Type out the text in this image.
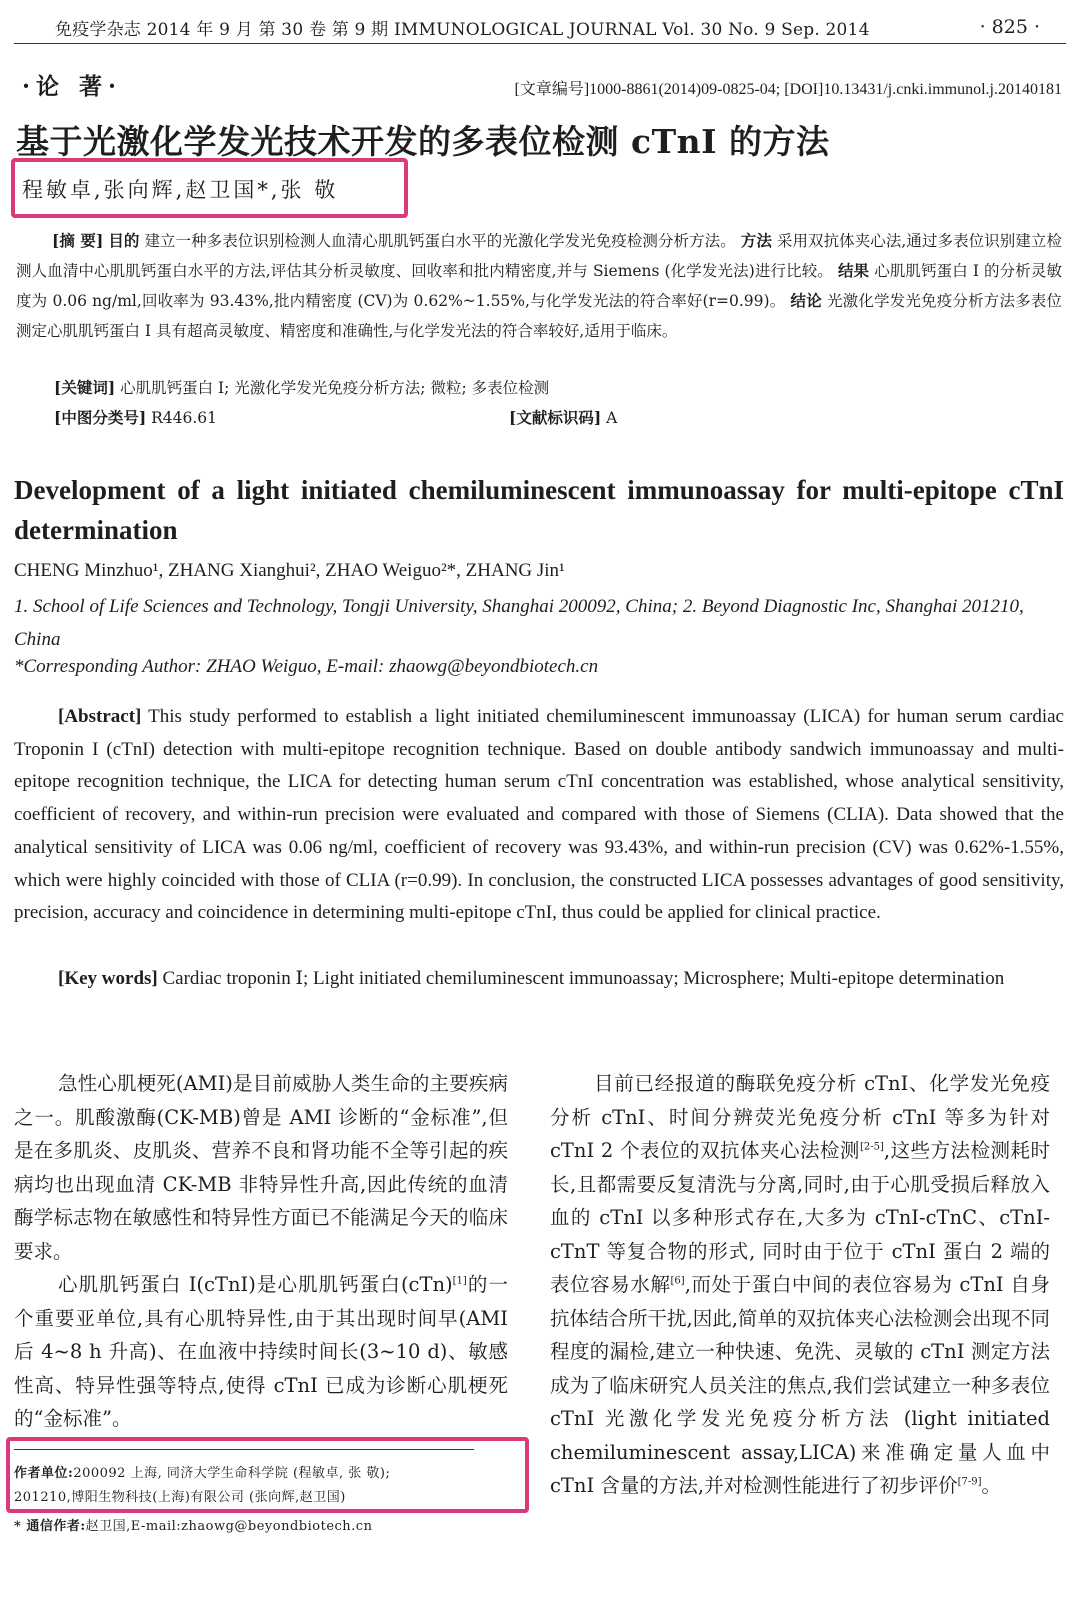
免疫学杂志 2014 年 9 月 第 30 卷 第 9 期 IMMUNOLOGICAL JOURNAL Vol. 30 No. 9 Sep. 2014	· 825 ·
·论 著·	[文章编号]1000-8861(2014)09-0825-04; [DOI]10.13431/j.cnki.immunol.j.20140181
基于光激化学发光技术开发的多表位检测 cTnI 的方法
程敏卓,张向辉,赵卫国*,张 敬
[摘 要] 目的 建立一种多表位识别检测人血清心肌肌钙蛋白水平的光激化学发光免疫检测分析方法。 方法 采用双抗体夹心法,通过多表位识别建立检测人血清中心肌肌钙蛋白水平的方法,评估其分析灵敏度、回收率和批内精密度,并与 Siemens (化学发光法)进行比较。 结果 心肌肌钙蛋白 I 的分析灵敏度为 0.06 ng/ml,回收率为 93.43%,批内精密度 (CV)为 0.62%~1.55%,与化学发光法的符合率好(r=0.99)。 结论 光激化学发光免疫分析方法多表位测定心肌肌钙蛋白 I 具有超高灵敏度、精密度和准确性,与化学发光法的符合率较好,适用于临床。
[关键词] 心肌肌钙蛋白 I; 光激化学发光免疫分析方法; 微粒; 多表位检测
[中图分类号] R446.61	[文献标识码] A
Development of a light initiated chemiluminescent immunoassay for multi-epitope cTnI determination
CHENG Minzhuo¹, ZHANG Xianghui², ZHAO Weiguo²*, ZHANG Jin¹
1. School of Life Sciences and Technology, Tongji University, Shanghai 200092, China; 2. Beyond Diagnostic Inc, Shanghai 201210, China
*Corresponding Author: ZHAO Weiguo, E-mail: zhaowg@beyondbiotech.cn
[Abstract] This study performed to establish a light initiated chemiluminescent immunoassay (LICA) for human serum cardiac Troponin I (cTnI) detection with multi-epitope recognition technique. Based on double antibody sandwich immunoassay and multi-epitope recognition technique, the LICA for detecting human serum cTnI concentration was established, whose analytical sensitivity, coefficient of recovery, and within-run precision were evaluated and compared with those of Siemens (CLIA). Data showed that the analytical sensitivity of LICA was 0.06 ng/ml, coefficient of recovery was 93.43%, and within-run precision (CV) was 0.62%-1.55%, which were highly coincided with those of CLIA (r=0.99). In conclusion, the constructed LICA possesses advantages of good sensitivity, precision, accuracy and coincidence in determining multi-epitope cTnI, thus could be applied for clinical practice.
[Key words] Cardiac troponin Ⅰ; Light initiated chemiluminescent immunoassay; Microsphere; Multi-epitope determination

急性心肌梗死(AMI)是目前威胁人类生命的主要疾病之一。肌酸激酶(CK-MB)曾是 AMI 诊断的“金标准”,但是在多肌炎、皮肌炎、营养不良和肾功能不全等引起的疾病均也出现血清 CK-MB 非特异性升高,因此传统的血清酶学标志物在敏感性和特异性方面已不能满足今天的临床要求。

心肌肌钙蛋白 I(cTnI)是心肌肌钙蛋白(cTn)[1]的一个重要亚单位,具有心肌特异性,由于其出现时间早(AMI 后 4~8 h 升高)、在血液中持续时间长(3~10 d)、敏感性高、特异性强等特点,使得 cTnI 已成为诊断心肌梗死的“金标准”。

目前已经报道的酶联免疫分析 cTnI、化学发光免疫分析 cTnI、时间分辨荧光免疫分析 cTnI 等多为针对 cTnI 2 个表位的双抗体夹心法检测[2-5],这些方法检测耗时长,且都需要反复清洗与分离,同时,由于心肌受损后释放入血的 cTnI 以多种形式存在,大多为 cTnI-cTnC、cTnI-cTnT 等复合物的形式, 同时由于位于 cTnI 蛋白 2 端的表位容易水解[6],而处于蛋白中间的表位容易为 cTnI 自身抗体结合所干扰,因此,简单的双抗体夹心法检测会出现不同程度的漏检,建立一种快速、免洗、灵敏的 cTnI 测定方法成为了临床研究人员关注的焦点,我们尝试建立一种多表位 cTnI 光激化学发光免疫分析方法 (light initiated chemiluminescent assay,LICA)来准确定量人血中cTnI 含量的方法,并对检测性能进行了初步评价[7-9]。

作者单位:200092 上海, 同济大学生命科学院 (程敏卓, 张 敬);
201210,博阳生物科技(上海)有限公司 (张向辉,赵卫国)
* 通信作者:赵卫国,E-mail:zhaowg@beyondbiotech.cn
